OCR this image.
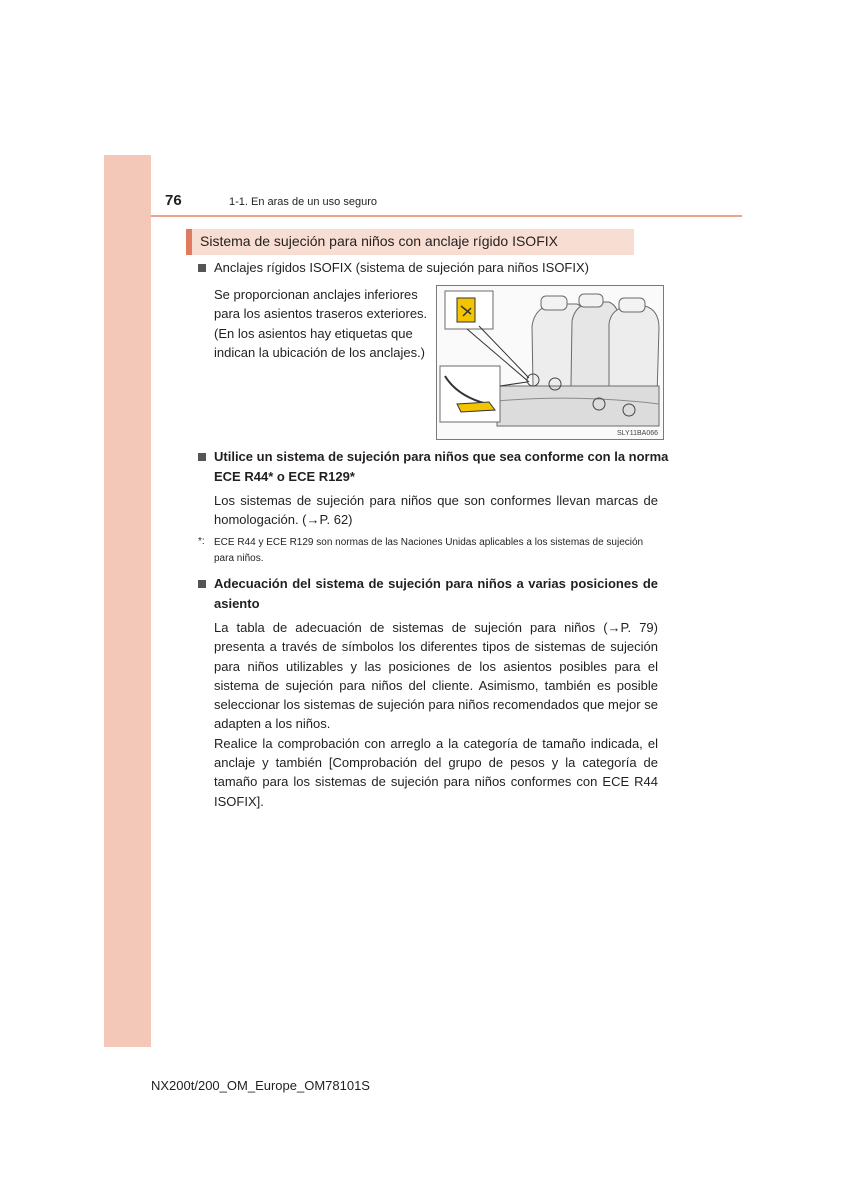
76	1-1. En aras de un uso seguro
Sistema de sujeción para niños con anclaje rígido ISOFIX
Anclajes rígidos ISOFIX (sistema de sujeción para niños ISOFIX)
Se proporcionan anclajes inferiores
para los asientos traseros exteriores.
(En los asientos hay etiquetas que
indican la ubicación de los anclajes.)
SLY11BA066
Utilice un sistema de sujeción para niños que sea conforme con la norma
ECE R44* o ECE R129*
Los sistemas de sujeción para niños que son conformes llevan marcas de homologación. (→P. 62)
*: ECE R44 y ECE R129 son normas de las Naciones Unidas aplicables a los sistemas de sujeción para niños.
Adecuación del sistema de sujeción para niños a varias posiciones de asiento
La tabla de adecuación de sistemas de sujeción para niños (→P. 79) presenta a través de símbolos los diferentes tipos de sistemas de sujeción para niños utilizables y las posiciones de los asientos posibles para el sistema de sujeción para niños del cliente. Asimismo, también es posible seleccionar los sistemas de sujeción para niños recomendados que mejor se adapten a los niños.
Realice la comprobación con arreglo a la categoría de tamaño indicada, el anclaje y también [Comprobación del grupo de pesos y la categoría de tamaño para los sistemas de sujeción para niños conformes con ECE R44 ISOFIX].
NX200t/200_OM_Europe_OM78101S
